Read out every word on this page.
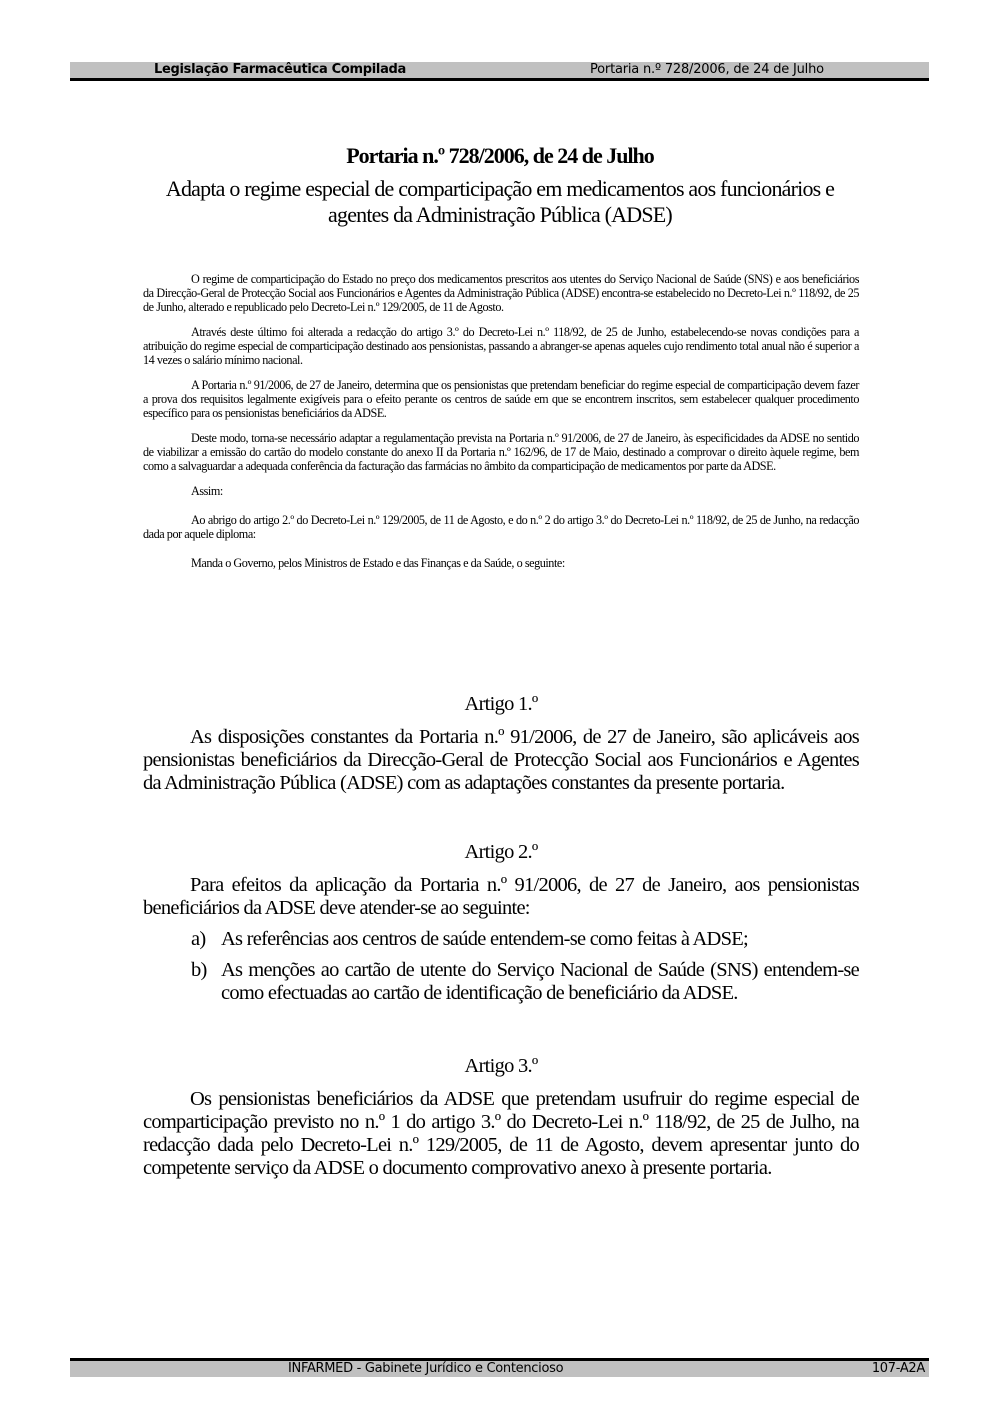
Legislação Farmacêutica Compilada	Portaria n.º 728/2006, de 24 de Julho
Portaria n.º 728/2006, de 24 de Julho
Adapta o regime especial de comparticipação em medicamentos aos funcionários e agentes da Administração Pública (ADSE)

O regime de comparticipação do Estado no preço dos medicamentos prescritos aos utentes do Serviço Nacional de Saúde (SNS) e aos beneficiários da Direcção-Geral de Protecção Social aos Funcionários e Agentes da Administração Pública (ADSE) encontra-se estabelecido no Decreto-Lei n.º 118/92, de 25 de Junho, alterado e republicado pelo Decreto-Lei n.º 129/2005, de 11 de Agosto.

Através deste último foi alterada a redacção do artigo 3.º do Decreto-Lei n.º 118/92, de 25 de Junho, estabelecendo-se novas condições para a atribuição do regime especial de comparticipação destinado aos pensionistas, passando a abranger-se apenas aqueles cujo rendimento total anual não é superior a 14 vezes o salário mínimo nacional.

A Portaria n.º 91/2006, de 27 de Janeiro, determina que os pensionistas que pretendam beneficiar do regime especial de comparticipação devem fazer a prova dos requisitos legalmente exigíveis para o efeito perante os centros de saúde em que se encontrem inscritos, sem estabelecer qualquer procedimento específico para os pensionistas beneficiários da ADSE.

Deste modo, torna-se necessário adaptar a regulamentação prevista na Portaria n.º 91/2006, de 27 de Janeiro, às especificidades da ADSE no sentido de viabilizar a emissão do cartão do modelo constante do anexo II da Portaria n.º 162/96, de 17 de Maio, destinado a comprovar o direito àquele regime, bem como a salvaguardar a adequada conferência da facturação das farmácias no âmbito da comparticipação de medicamentos por parte da ADSE.

Assim:

Ao abrigo do artigo 2.º do Decreto-Lei n.º 129/2005, de 11 de Agosto, e do n.º 2 do artigo 3.º do Decreto-Lei n.º 118/92, de 25 de Junho, na redacção dada por aquele diploma:

Manda o Governo, pelos Ministros de Estado e das Finanças e da Saúde, o seguinte:

Artigo 1.º

As disposições constantes da Portaria n.º 91/2006, de 27 de Janeiro, são aplicáveis aos pensionistas beneficiários da Direcção-Geral de Protecção Social aos Funcionários e Agentes da Administração Pública (ADSE) com as adaptações constantes da presente portaria.

Artigo 2.º

Para efeitos da aplicação da Portaria n.º 91/2006, de 27 de Janeiro, aos pensionistas beneficiários da ADSE deve atender-se ao seguinte:

a) As referências aos centros de saúde entendem-se como feitas à ADSE;
b) As menções ao cartão de utente do Serviço Nacional de Saúde (SNS) entendem-se como efectuadas ao cartão de identificação de beneficiário da ADSE.

Artigo 3.º

Os pensionistas beneficiários da ADSE que pretendam usufruir do regime especial de comparticipação previsto no n.º 1 do artigo 3.º do Decreto-Lei n.º 118/92, de 25 de Julho, na redacção dada pelo Decreto-Lei n.º 129/2005, de 11 de Agosto, devem apresentar junto do competente serviço da ADSE o documento comprovativo anexo à presente portaria.

INFARMED - Gabinete Jurídico e Contencioso	107-A2A
